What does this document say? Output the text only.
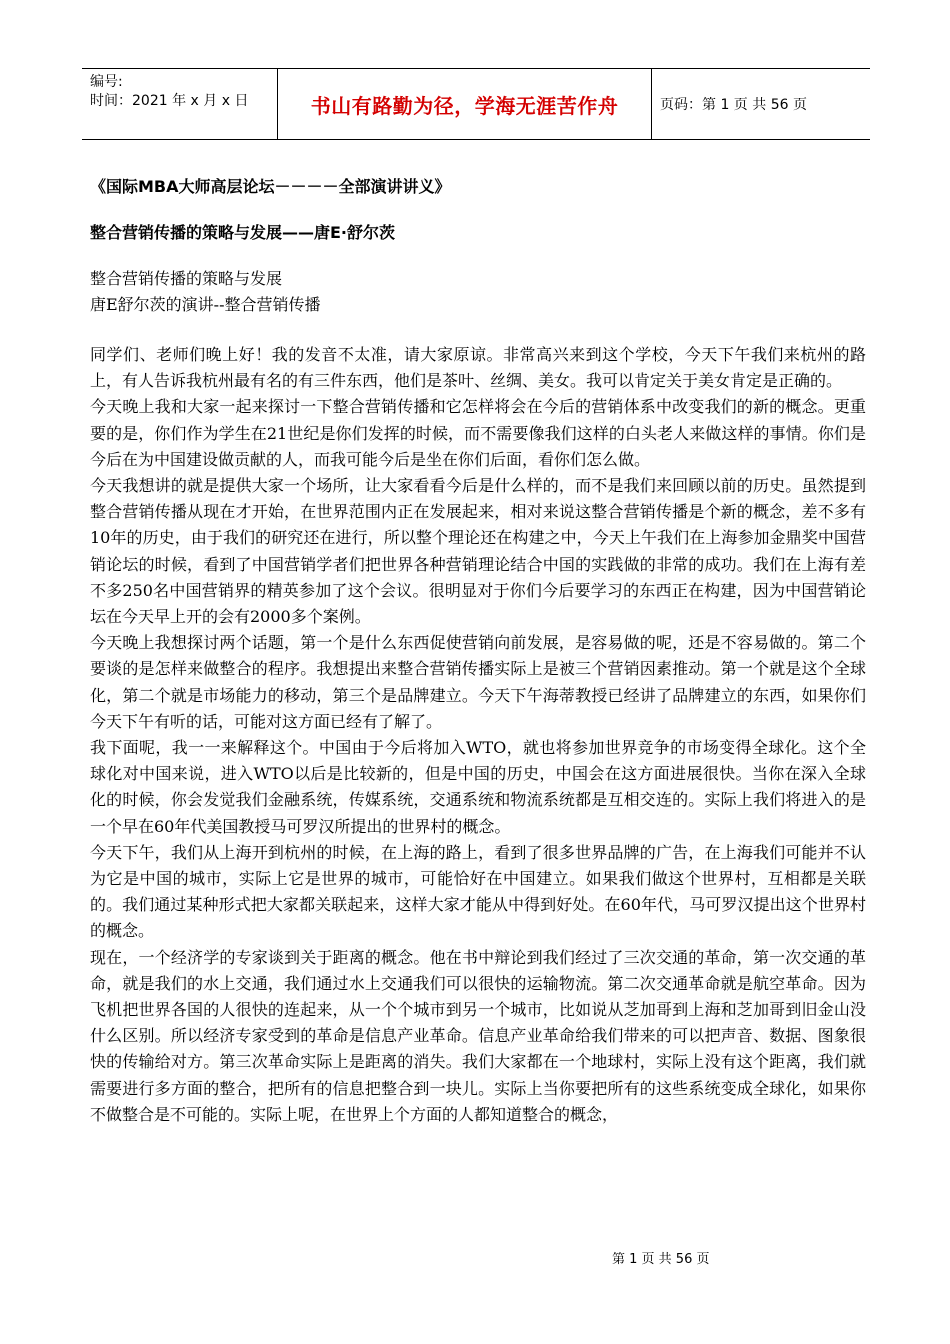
编号:
时间：2021 年 x 月 x 日	书山有路勤为径，学海无涯苦作舟	页码：第 1 页 共 56 页
《国际MBA大师高层论坛－－－－全部演讲讲义》
整合营销传播的策略与发展——唐E·舒尔茨
整合营销传播的策略与发展
唐E舒尔茨的演讲--整合营销传播

同学们、老师们晚上好！我的发音不太准，请大家原谅。非常高兴来到这个学校，今天下午我们来杭州的路上，有人告诉我杭州最有名的有三件东西，他们是茶叶、丝绸、美女。我可以肯定关于美女肯定是正确的。

今天晚上我和大家一起来探讨一下整合营销传播和它怎样将会在今后的营销体系中改变我们的新的概念。更重要的是，你们作为学生在21世纪是你们发挥的时候，而不需要像我们这样的白头老人来做这样的事情。你们是今后在为中国建设做贡献的人，而我可能今后是坐在你们后面，看你们怎么做。

今天我想讲的就是提供大家一个场所，让大家看看今后是什么样的，而不是我们来回顾以前的历史。虽然提到整合营销传播从现在才开始，在世界范围内正在发展起来，相对来说这整合营销传播是个新的概念，差不多有10年的历史，由于我们的研究还在进行，所以整个理论还在构建之中，今天上午我们在上海参加金鼎奖中国营销论坛的时候，看到了中国营销学者们把世界各种营销理论结合中国的实践做的非常的成功。我们在上海有差不多250名中国营销界的精英参加了这个会议。很明显对于你们今后要学习的东西正在构建，因为中国营销论坛在今天早上开的会有2000多个案例。

今天晚上我想探讨两个话题，第一个是什么东西促使营销向前发展，是容易做的呢，还是不容易做的。第二个要谈的是怎样来做整合的程序。我想提出来整合营销传播实际上是被三个营销因素推动。第一个就是这个全球化，第二个就是市场能力的移动，第三个是品牌建立。今天下午海蒂教授已经讲了品牌建立的东西，如果你们今天下午有听的话，可能对这方面已经有了解了。

我下面呢，我一一来解释这个。中国由于今后将加入WTO，就也将参加世界竞争的市场变得全球化。这个全球化对中国来说，进入WTO以后是比较新的，但是中国的历史，中国会在这方面进展很快。当你在深入全球化的时候，你会发觉我们金融系统，传媒系统，交通系统和物流系统都是互相交连的。实际上我们将进入的是一个早在60年代美国教授马可罗汉所提出的世界村的概念。

今天下午，我们从上海开到杭州的时候，在上海的路上，看到了很多世界品牌的广告，在上海我们可能并不认为它是中国的城市，实际上它是世界的城市，可能恰好在中国建立。如果我们做这个世界村，互相都是关联的。我们通过某种形式把大家都关联起来，这样大家才能从中得到好处。在60年代，马可罗汉提出这个世界村的概念。

现在，一个经济学的专家谈到关于距离的概念。他在书中辩论到我们经过了三次交通的革命，第一次交通的革命，就是我们的水上交通，我们通过水上交通我们可以很快的运输物流。第二次交通革命就是航空革命。因为飞机把世界各国的人很快的连起来，从一个个城市到另一个城市，比如说从芝加哥到上海和芝加哥到旧金山没什么区别。所以经济专家受到的革命是信息产业革命。信息产业革命给我们带来的可以把声音、数据、图象很快的传输给对方。第三次革命实际上是距离的消失。我们大家都在一个地球村，实际上没有这个距离，我们就需要进行多方面的整合，把所有的信息把整合到一块儿。实际上当你要把所有的这些系统变成全球化，如果你不做整合是不可能的。实际上呢，在世界上个方面的人都知道整合的概念，

第 1 页 共 56 页
